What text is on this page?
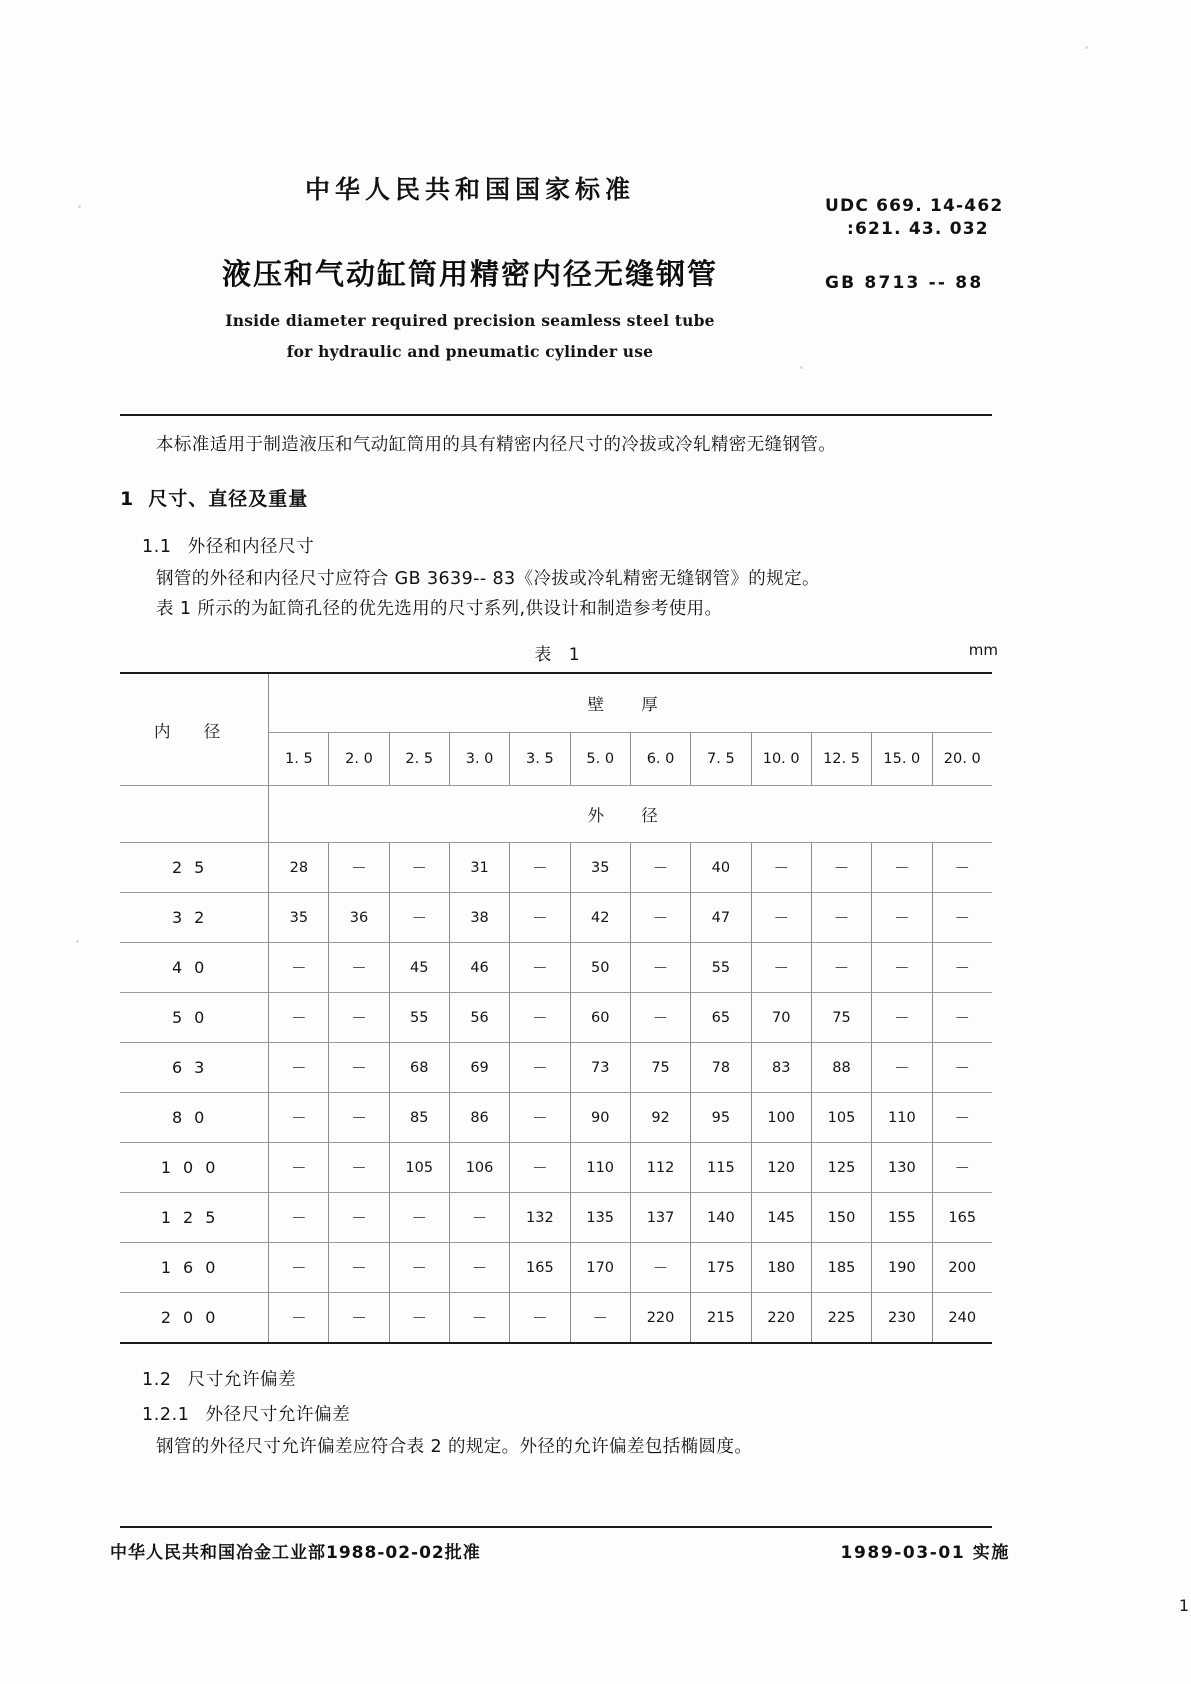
中华人民共和国国家标准
液压和气动缸筒用精密内径无缝钢管
Inside diameter required precision seamless steel tube
for hydraulic and pneumatic cylinder use
UDC 669. 14-462
:621. 43. 032
GB 8713 -- 88

本标准适用于制造液压和气动缸筒用的具有精密内径尺寸的冷拔或冷轧精密无缝钢管。

1 尺寸、直径及重量
1.1 外径和内径尺寸

钢管的外径和内径尺寸应符合 GB 3639-- 83《冷拔或冷轧精密无缝钢管》的规定。

表 1 所示的为缸筒孔径的优先选用的尺寸系列,供设计和制造参考使用。

表 1	mm
内 径	壁 厚											
	1. 5	2. 0	2. 5	3. 0	3. 5	5. 0	6. 0	7. 5	10. 0	12. 5	15. 0	20. 0
	外 径											
25	28	—	—	31	—	35	—	40	—	—	—	—
32	35	36	—	38	—	42	—	47	—	—	—	—
40	—	—	45	46	—	50	—	55	—	—	—	—
50	—	—	55	56	—	60	—	65	70	75	—	—
63	—	—	68	69	—	73	75	78	83	88	—	—
80	—	—	85	86	—	90	92	95	100	105	110	—
100	—	—	105	106	—	110	112	115	120	125	130	—
125	—	—	—	—	132	135	137	140	145	150	155	165
160	—	—	—	—	165	170	—	175	180	185	190	200
200	—	—	—	—	—	—	220	215	220	225	230	240
1.2 尺寸允许偏差
1.2.1 外径尺寸允许偏差

钢管的外径尺寸允许偏差应符合表 2 的规定。外径的允许偏差包括椭圆度。

中华人民共和国冶金工业部1988-02-02批准	1989-03-01 实施
1
